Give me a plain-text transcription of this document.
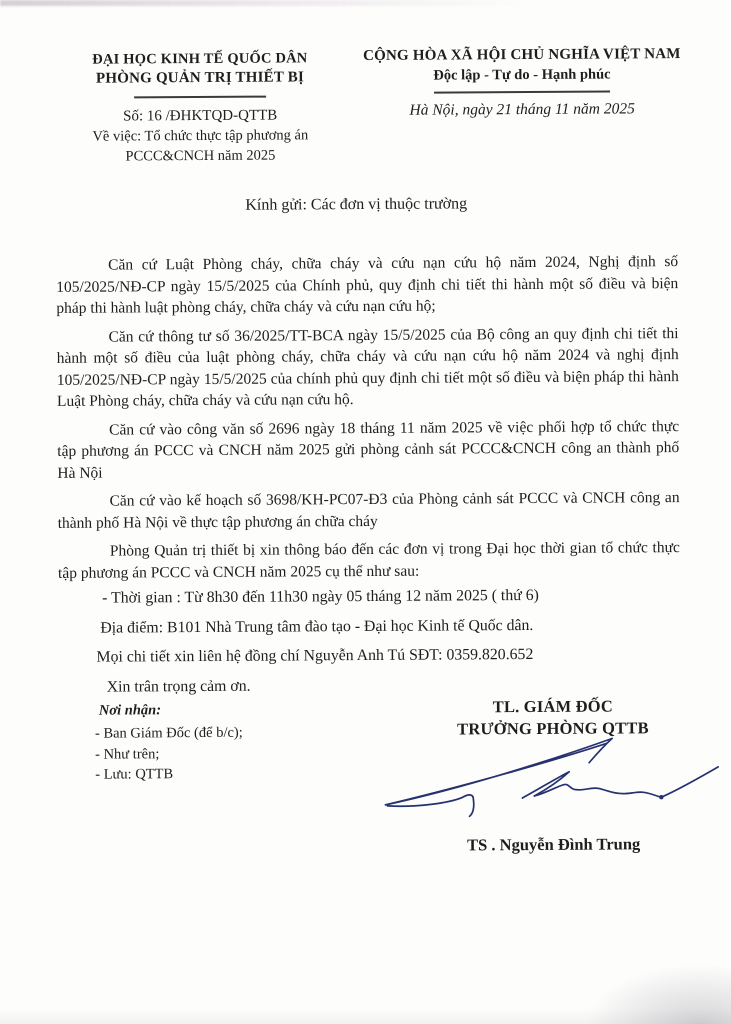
ĐẠI HỌC KINH TẾ QUỐC DÂN
PHÒNG QUẢN TRỊ THIẾT BỊ
Số: 16 /ĐHKTQD-QTTB
Về việc: Tổ chức thực tập phương án
PCCC&CNCH năm 2025
CỘNG HÒA XÃ HỘI CHỦ NGHĨA VIỆT NAM
Độc lập - Tự do - Hạnh phúc
Hà Nội, ngày 21 tháng 11 năm 2025
Kính gửi: Các đơn vị thuộc trường

Căn cứ Luật Phòng cháy, chữa cháy và cứu nạn cứu hộ năm 2024, Nghị định số 105/2025/NĐ-CP ngày 15/5/2025 của Chính phủ, quy định chi tiết thi hành một số điều và biện pháp thi hành luật phòng cháy, chữa cháy và cứu nạn cứu hộ;

Căn cứ thông tư số 36/2025/TT-BCA ngày 15/5/2025 của Bộ công an quy định chi tiết thi hành một số điều của luật phòng cháy, chữa cháy và cứu nạn cứu hộ năm 2024 và nghị định 105/2025/NĐ-CP ngày 15/5/2025 của chính phủ quy định chi tiết một số điều và biện pháp thi hành Luật Phòng cháy, chữa cháy và cứu nạn cứu hộ.

Căn cứ vào công văn số 2696 ngày 18 tháng 11 năm 2025 về việc phối hợp tổ chức thực tập phương án PCCC và CNCH năm 2025 gửi phòng cảnh sát PCCC&CNCH công an thành phố Hà Nội

Căn cứ vào kế hoạch số 3698/KH-PC07-Đ3 của Phòng cảnh sát PCCC và CNCH công an thành phố Hà Nội về thực tập phương án chữa cháy

Phòng Quản trị thiết bị xin thông báo đến các đơn vị trong Đại học thời gian tổ chức thực tập phương án PCCC và CNCH năm 2025 cụ thể như sau:

- Thời gian : Từ 8h30 đến 11h30 ngày 05 tháng 12 năm 2025 ( thứ 6)
Địa điểm: B101 Nhà Trung tâm đào tạo - Đại học Kinh tế Quốc dân.
Mọi chi tiết xin liên hệ đồng chí Nguyễn Anh Tú SĐT: 0359.820.652
Xin trân trọng cảm ơn.
Nơi nhận:
- Ban Giám Đốc (để b/c);
- Như trên;
- Lưu: QTTB
TL. GIÁM ĐỐC
TRƯỞNG PHÒNG QTTB
TS . Nguyễn Đình Trung
